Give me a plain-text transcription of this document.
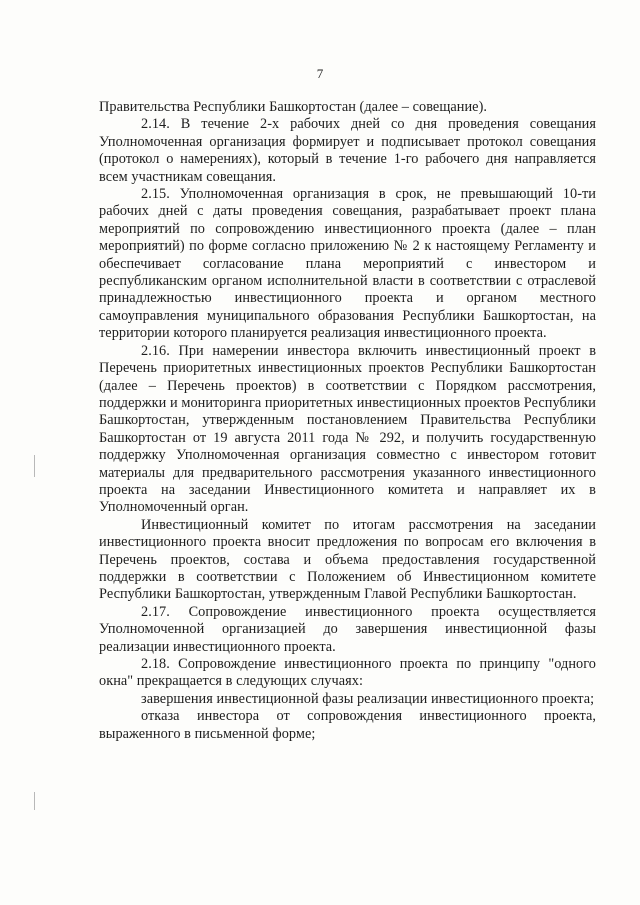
7

Правительства Республики Башкортостан (далее – совещание).

2.14. В течение 2-х рабочих дней со дня проведения совещания Уполномоченная организация формирует и подписывает протокол совещания (протокол о намерениях), который в течение 1-го рабочего дня направляется всем участникам совещания.

2.15. Уполномоченная организация в срок, не превышающий 10-ти рабочих дней с даты проведения совещания, разрабатывает проект плана мероприятий по сопровождению инвестиционного проекта (далее – план мероприятий) по форме согласно приложению № 2 к настоящему Регламенту и обеспечивает согласование плана мероприятий с инвестором и республиканским органом исполнительной власти в соответствии с отраслевой принадлежностью инвестиционного проекта и органом местного самоуправления муниципального образования Республики Башкортостан, на территории которого планируется реализация инвестиционного проекта.

2.16. При намерении инвестора включить инвестиционный проект в Перечень приоритетных инвестиционных проектов Республики Башкортостан (далее – Перечень проектов) в соответствии с Порядком рассмотрения, поддержки и мониторинга приоритетных инвестиционных проектов Республики Башкортостан, утвержденным постановлением Правительства Республики Башкортостан от 19 августа 2011 года № 292, и получить государственную поддержку Уполномоченная организация совместно с инвестором готовит материалы для предварительного рассмотрения указанного инвестиционного проекта на заседании Инвестиционного комитета и направляет их в Уполномоченный орган.

Инвестиционный комитет по итогам рассмотрения на заседании инвестиционного проекта вносит предложения по вопросам его включения в Перечень проектов, состава и объема предоставления государственной поддержки в соответствии с Положением об Инвестиционном комитете Республики Башкортостан, утвержденным Главой Республики Башкортостан.

2.17. Сопровождение инвестиционного проекта осуществляется Уполномоченной организацией до завершения инвестиционной фазы реализации инвестиционного проекта.

2.18. Сопровождение инвестиционного проекта по принципу "одного окна" прекращается в следующих случаях:

завершения инвестиционной фазы реализации инвестиционного проекта;

отказа инвестора от сопровождения инвестиционного проекта, выраженного в письменной форме;
